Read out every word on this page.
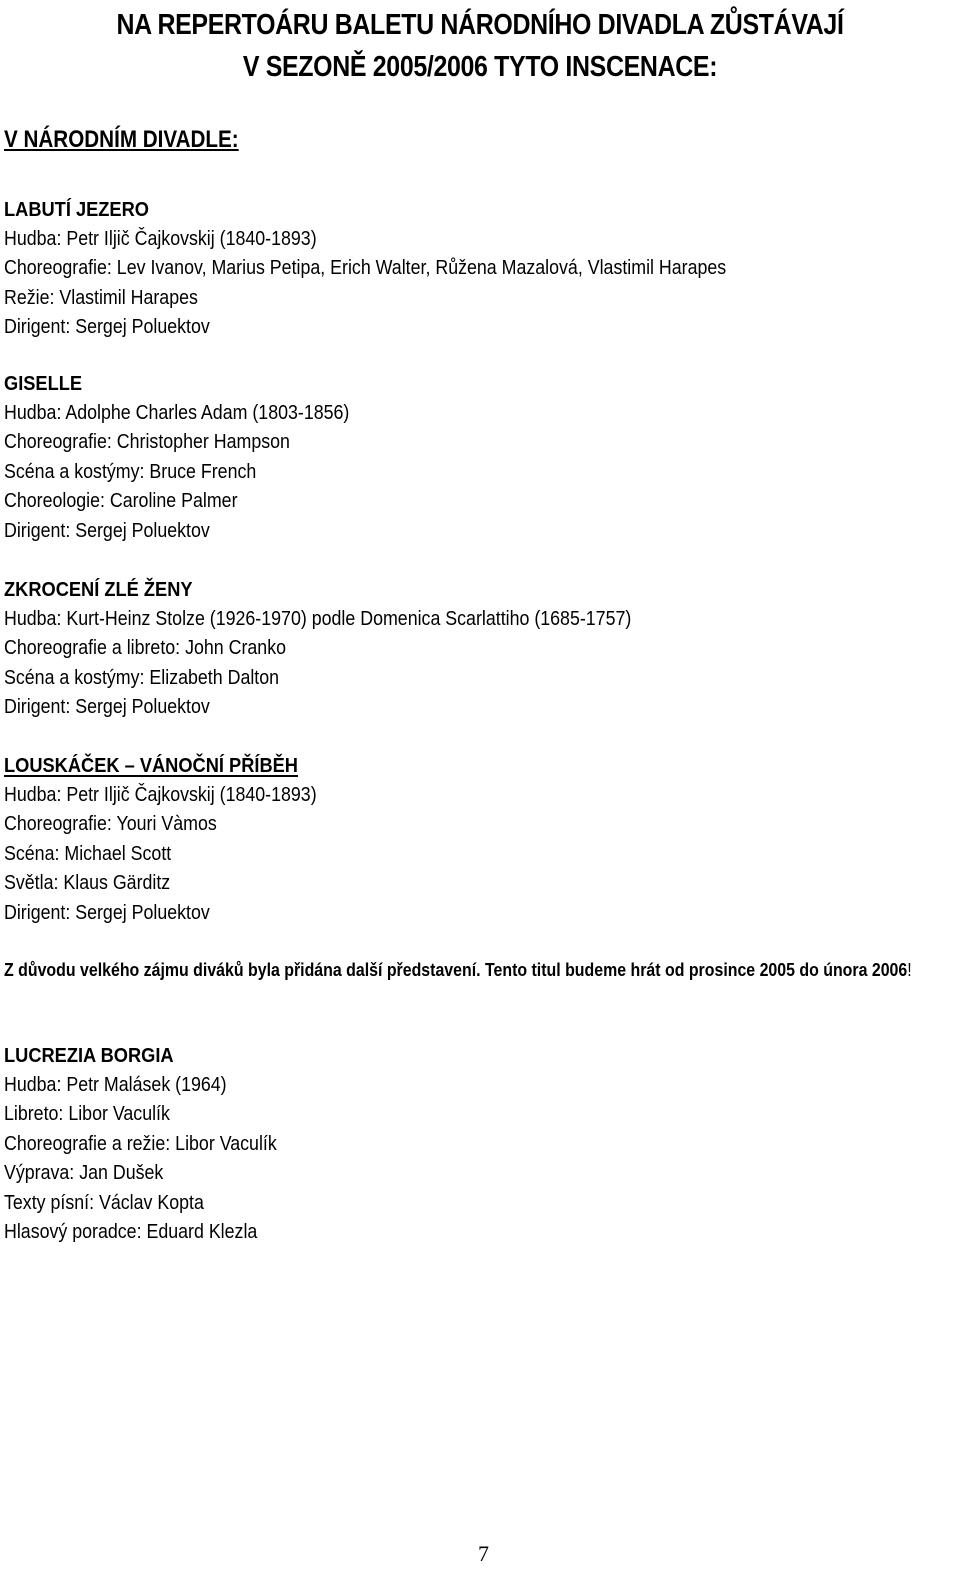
NA REPERTOÁRU BALETU NÁRODNÍHO DIVADLA ZŮSTÁVAJÍ
V SEZONĚ 2005/2006 TYTO INSCENACE:
V NÁRODNÍM DIVADLE:
LABUTÍ JEZERO
Hudba: Petr Iljič Čajkovskij (1840-1893)
Choreografie: Lev Ivanov, Marius Petipa, Erich Walter, Růžena Mazalová, Vlastimil Harapes
Režie: Vlastimil Harapes
Dirigent: Sergej Poluektov
GISELLE
Hudba: Adolphe Charles Adam (1803-1856)
Choreografie: Christopher Hampson
Scéna a kostýmy: Bruce French
Choreologie: Caroline Palmer
Dirigent: Sergej Poluektov
ZKROCENÍ ZLÉ ŽENY
Hudba: Kurt-Heinz Stolze (1926-1970) podle Domenica Scarlattiho (1685-1757)
Choreografie a libreto: John Cranko
Scéna a kostýmy: Elizabeth Dalton
Dirigent: Sergej Poluektov
LOUSKÁČEK – VÁNOČNÍ PŘÍBĚH
Hudba: Petr Iljič Čajkovskij (1840-1893)
Choreografie: Youri Vàmos
Scéna: Michael Scott
Světla: Klaus Gärditz
Dirigent: Sergej Poluektov
Z důvodu velkého zájmu diváků byla přidána další představení. Tento titul budeme hrát od prosince 2005 do února 2006!
LUCREZIA BORGIA
Hudba: Petr Malásek (1964)
Libreto: Libor Vaculík
Choreografie a režie: Libor Vaculík
Výprava: Jan Dušek
Texty písní: Václav Kopta
Hlasový poradce: Eduard Klezla
7
